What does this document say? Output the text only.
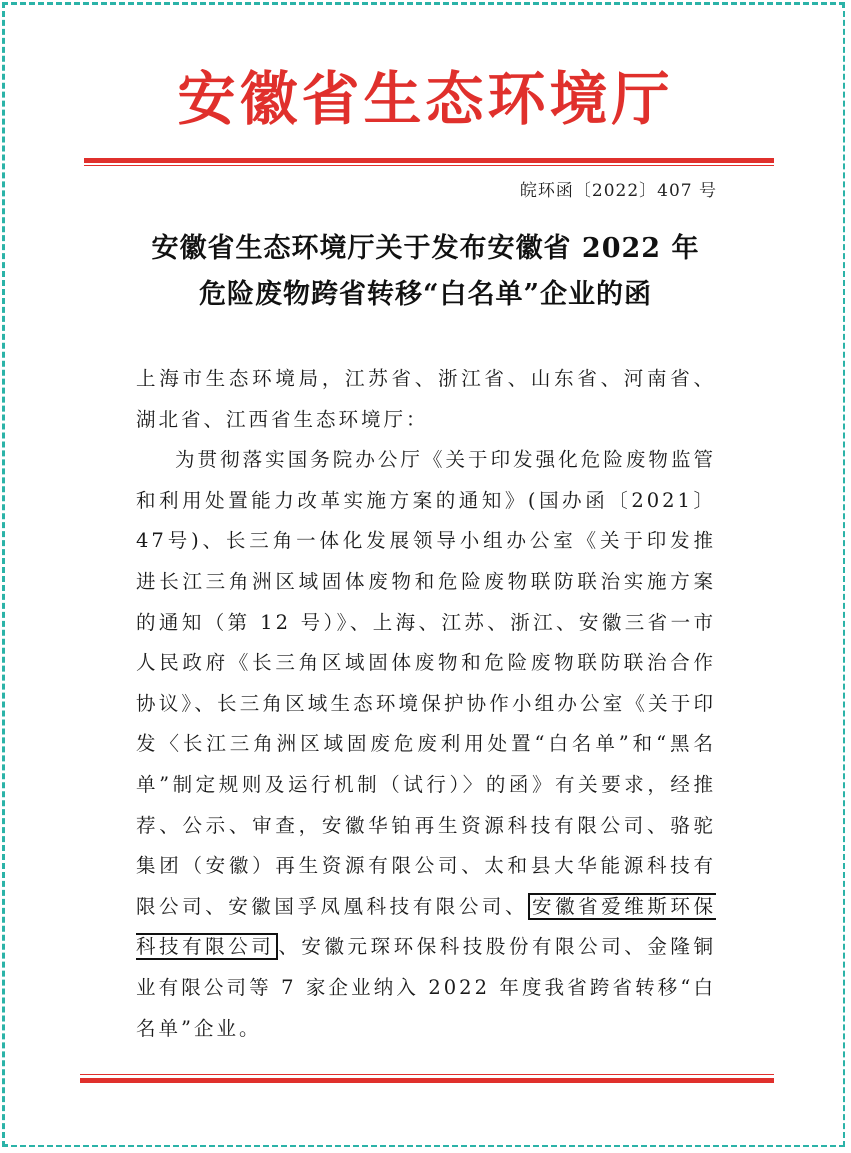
安徽省生态环境厅
皖环函〔2022〕407 号
安徽省生态环境厅关于发布安徽省 2022 年
危险废物跨省转移“白名单”企业的函

上海市生态环境局，江苏省、浙江省、山东省、河南省、湖北省、江西省生态环境厅：

为贯彻落实国务院办公厅《关于印发强化危险废物监管和利用处置能力改革实施方案的通知》(国办函〔2021〕47号)、长三角一体化发展领导小组办公室《关于印发推进长江三角洲区域固体废物和危险废物联防联治实施方案的通知（第 12 号）》、上海、江苏、浙江、安徽三省一市人民政府《长三角区域固体废物和危险废物联防联治合作协议》、长三角区域生态环境保护协作小组办公室《关于印发〈长江三角洲区域固废危废利用处置“白名单”和“黑名单”制定规则及运行机制（试行）〉的函》有关要求，经推荐、公示、审查，安徽华铂再生资源科技有限公司、骆驼集团（安徽）再生资源有限公司、太和县大华能源科技有限公司、安徽国孚凤凰科技有限公司、 安徽省爱维斯环保科技有限公司 、安徽元琛环保科技股份有限公司、金隆铜业有限公司等 7 家企业纳入 2022 年度我省跨省转移“白名单”企业。
